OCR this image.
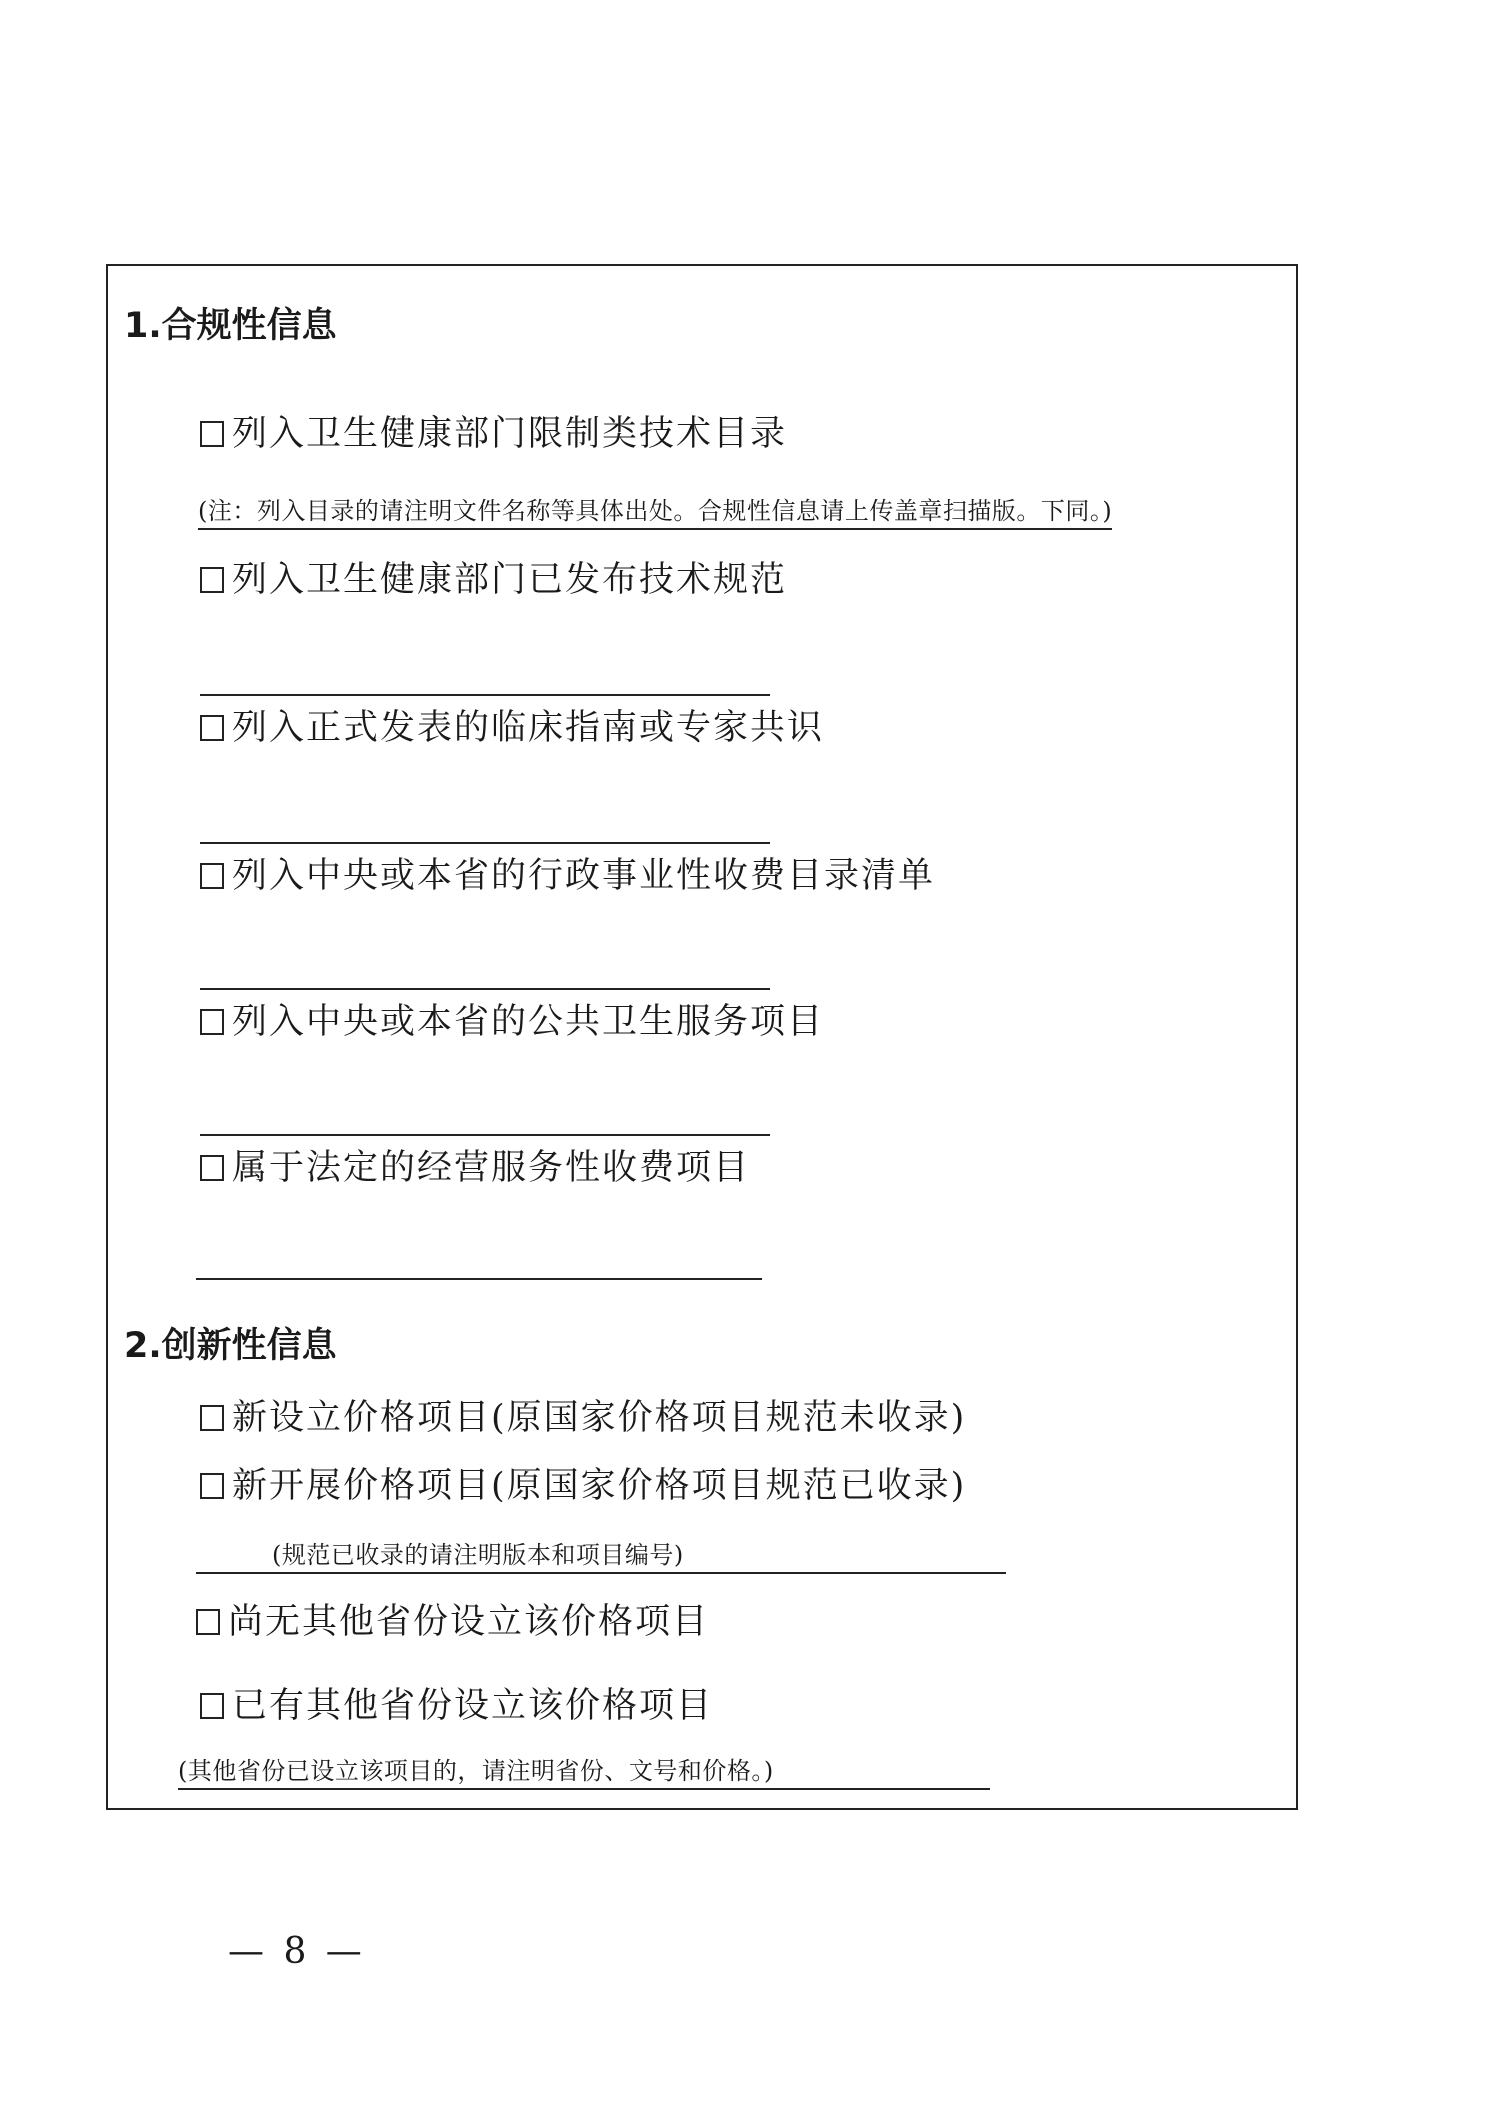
1.合规性信息
列入卫生健康部门限制类技术目录
(注：列入目录的请注明文件名称等具体出处。合规性信息请上传盖章扫描版。下同。)
列入卫生健康部门已发布技术规范
列入正式发表的临床指南或专家共识
列入中央或本省的行政事业性收费目录清单
列入中央或本省的公共卫生服务项目
属于法定的经营服务性收费项目
2.创新性信息
新设立价格项目(原国家价格项目规范未收录)
新开展价格项目(原国家价格项目规范已收录)
(规范已收录的请注明版本和项目编号)
尚无其他省份设立该价格项目
已有其他省份设立该价格项目
(其他省份已设立该项目的，请注明省份、文号和价格。)
— 8 —
